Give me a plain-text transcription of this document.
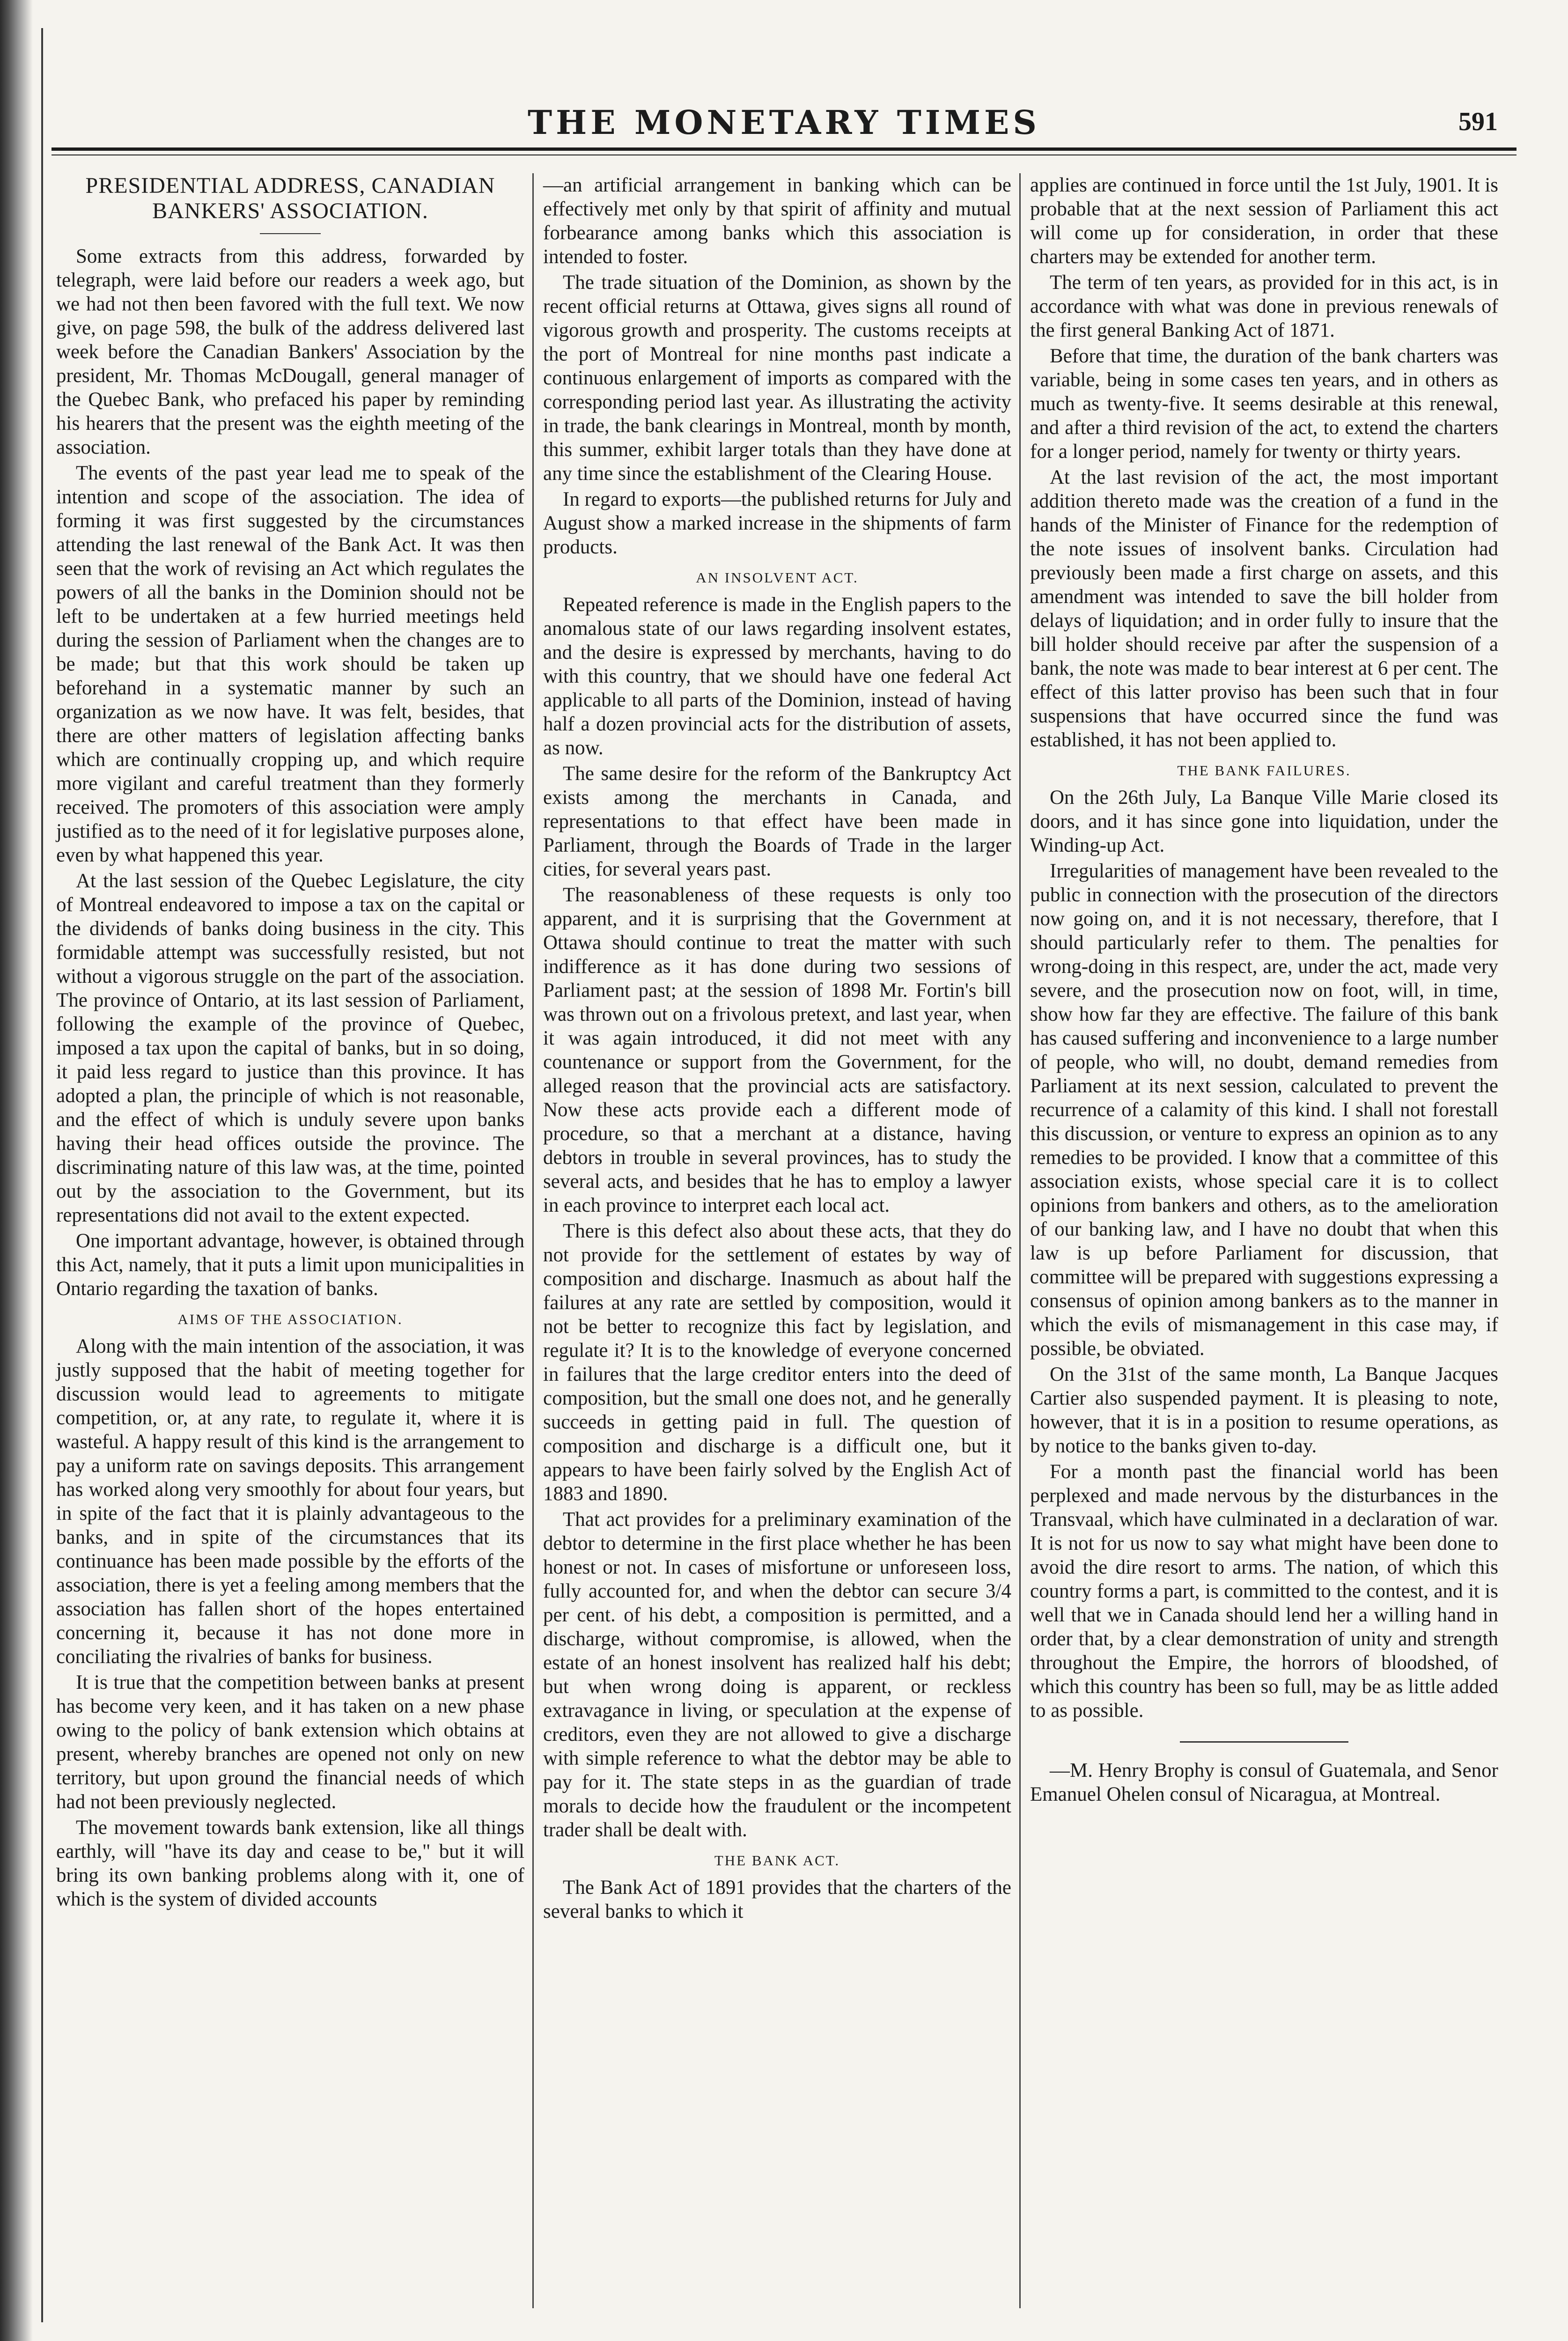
THE MONETARY TIMES	591
PRESIDENTIAL ADDRESS, CANADIAN BANKERS' ASSOCIATION.

Some extracts from this address, forwarded by telegraph, were laid before our readers a week ago, but we had not then been favored with the full text. We now give, on page 598, the bulk of the address delivered last week before the Canadian Bankers' Association by the president, Mr. Thomas McDougall, general manager of the Quebec Bank, who prefaced his paper by reminding his hearers that the present was the eighth meeting of the association.

The events of the past year lead me to speak of the intention and scope of the association. The idea of forming it was first suggested by the circumstances attending the last renewal of the Bank Act. It was then seen that the work of revising an Act which regulates the powers of all the banks in the Dominion should not be left to be undertaken at a few hurried meetings held during the session of Parliament when the changes are to be made; but that this work should be taken up beforehand in a systematic manner by such an organization as we now have. It was felt, besides, that there are other matters of legislation affecting banks which are continually cropping up, and which require more vigilant and careful treatment than they formerly received. The promoters of this association were amply justified as to the need of it for legislative purposes alone, even by what happened this year.

At the last session of the Quebec Legislature, the city of Montreal endeavored to impose a tax on the capital or the dividends of banks doing business in the city. This formidable attempt was successfully resisted, but not without a vigorous struggle on the part of the association. The province of Ontario, at its last session of Parliament, following the example of the province of Quebec, imposed a tax upon the capital of banks, but in so doing, it paid less regard to justice than this province. It has adopted a plan, the principle of which is not reasonable, and the effect of which is unduly severe upon banks having their head offices outside the province. The discriminating nature of this law was, at the time, pointed out by the association to the Government, but its representations did not avail to the extent expected.

One important advantage, however, is obtained through this Act, namely, that it puts a limit upon municipalities in Ontario regarding the taxation of banks.

AIMS OF THE ASSOCIATION.

Along with the main intention of the association, it was justly supposed that the habit of meeting together for discussion would lead to agreements to mitigate competition, or, at any rate, to regulate it, where it is wasteful. A happy result of this kind is the arrangement to pay a uniform rate on savings deposits. This arrangement has worked along very smoothly for about four years, but in spite of the fact that it is plainly advantageous to the banks, and in spite of the circumstances that its continuance has been made possible by the efforts of the association, there is yet a feeling among members that the association has fallen short of the hopes entertained concerning it, because it has not done more in conciliating the rivalries of banks for business.

It is true that the competition between banks at present has become very keen, and it has taken on a new phase owing to the policy of bank extension which obtains at present, whereby branches are opened not only on new territory, but upon ground the financial needs of which had not been previously neglected.

The movement towards bank extension, like all things earthly, will "have its day and cease to be," but it will bring its own banking problems along with it, one of which is the system of divided accounts

—an artificial arrangement in banking which can be effectively met only by that spirit of affinity and mutual forbearance among banks which this association is intended to foster.

The trade situation of the Dominion, as shown by the recent official returns at Ottawa, gives signs all round of vigorous growth and prosperity. The customs receipts at the port of Montreal for nine months past indicate a continuous enlargement of imports as compared with the corresponding period last year. As illustrating the activity in trade, the bank clearings in Montreal, month by month, this summer, exhibit larger totals than they have done at any time since the establishment of the Clearing House.

In regard to exports—the published returns for July and August show a marked increase in the shipments of farm products.

AN INSOLVENT ACT.

Repeated reference is made in the English papers to the anomalous state of our laws regarding insolvent estates, and the desire is expressed by merchants, having to do with this country, that we should have one federal Act applicable to all parts of the Dominion, instead of having half a dozen provincial acts for the distribution of assets, as now.

The same desire for the reform of the Bankruptcy Act exists among the merchants in Canada, and representations to that effect have been made in Parliament, through the Boards of Trade in the larger cities, for several years past.

The reasonableness of these requests is only too apparent, and it is surprising that the Government at Ottawa should continue to treat the matter with such indifference as it has done during two sessions of Parliament past; at the session of 1898 Mr. Fortin's bill was thrown out on a frivolous pretext, and last year, when it was again introduced, it did not meet with any countenance or support from the Government, for the alleged reason that the provincial acts are satisfactory. Now these acts provide each a different mode of procedure, so that a merchant at a distance, having debtors in trouble in several provinces, has to study the several acts, and besides that he has to employ a lawyer in each province to interpret each local act.

There is this defect also about these acts, that they do not provide for the settlement of estates by way of composition and discharge. Inasmuch as about half the failures at any rate are settled by composition, would it not be better to recognize this fact by legislation, and regulate it? It is to the knowledge of everyone concerned in failures that the large creditor enters into the deed of composition, but the small one does not, and he generally succeeds in getting paid in full. The question of composition and discharge is a difficult one, but it appears to have been fairly solved by the English Act of 1883 and 1890.

That act provides for a preliminary examination of the debtor to determine in the first place whether he has been honest or not. In cases of misfortune or unforeseen loss, fully accounted for, and when the debtor can secure 3/4 per cent. of his debt, a composition is permitted, and a discharge, without compromise, is allowed, when the estate of an honest insolvent has realized half his debt; but when wrong doing is apparent, or reckless extravagance in living, or speculation at the expense of creditors, even they are not allowed to give a discharge with simple reference to what the debtor may be able to pay for it. The state steps in as the guardian of trade morals to decide how the fraudulent or the incompetent trader shall be dealt with.

THE BANK ACT.

The Bank Act of 1891 provides that the charters of the several banks to which it

applies are continued in force until the 1st July, 1901. It is probable that at the next session of Parliament this act will come up for consideration, in order that these charters may be extended for another term.

The term of ten years, as provided for in this act, is in accordance with what was done in previous renewals of the first general Banking Act of 1871.

Before that time, the duration of the bank charters was variable, being in some cases ten years, and in others as much as twenty-five. It seems desirable at this renewal, and after a third revision of the act, to extend the charters for a longer period, namely for twenty or thirty years.

At the last revision of the act, the most important addition thereto made was the creation of a fund in the hands of the Minister of Finance for the redemption of the note issues of insolvent banks. Circulation had previously been made a first charge on assets, and this amendment was intended to save the bill holder from delays of liquidation; and in order fully to insure that the bill holder should receive par after the suspension of a bank, the note was made to bear interest at 6 per cent. The effect of this latter proviso has been such that in four suspensions that have occurred since the fund was established, it has not been applied to.

THE BANK FAILURES.

On the 26th July, La Banque Ville Marie closed its doors, and it has since gone into liquidation, under the Winding-up Act.

Irregularities of management have been revealed to the public in connection with the prosecution of the directors now going on, and it is not necessary, therefore, that I should particularly refer to them. The penalties for wrong-doing in this respect, are, under the act, made very severe, and the prosecution now on foot, will, in time, show how far they are effective. The failure of this bank has caused suffering and inconvenience to a large number of people, who will, no doubt, demand remedies from Parliament at its next session, calculated to prevent the recurrence of a calamity of this kind. I shall not forestall this discussion, or venture to express an opinion as to any remedies to be provided. I know that a committee of this association exists, whose special care it is to collect opinions from bankers and others, as to the amelioration of our banking law, and I have no doubt that when this law is up before Parliament for discussion, that committee will be prepared with suggestions expressing a consensus of opinion among bankers as to the manner in which the evils of mismanagement in this case may, if possible, be obviated.

On the 31st of the same month, La Banque Jacques Cartier also suspended payment. It is pleasing to note, however, that it is in a position to resume operations, as by notice to the banks given to-day.

For a month past the financial world has been perplexed and made nervous by the disturbances in the Transvaal, which have culminated in a declaration of war. It is not for us now to say what might have been done to avoid the dire resort to arms. The nation, of which this country forms a part, is committed to the contest, and it is well that we in Canada should lend her a willing hand in order that, by a clear demonstration of unity and strength throughout the Empire, the horrors of bloodshed, of which this country has been so full, may be as little added to as possible.

—M. Henry Brophy is consul of Guatemala, and Senor Emanuel Ohelen consul of Nicaragua, at Montreal.
